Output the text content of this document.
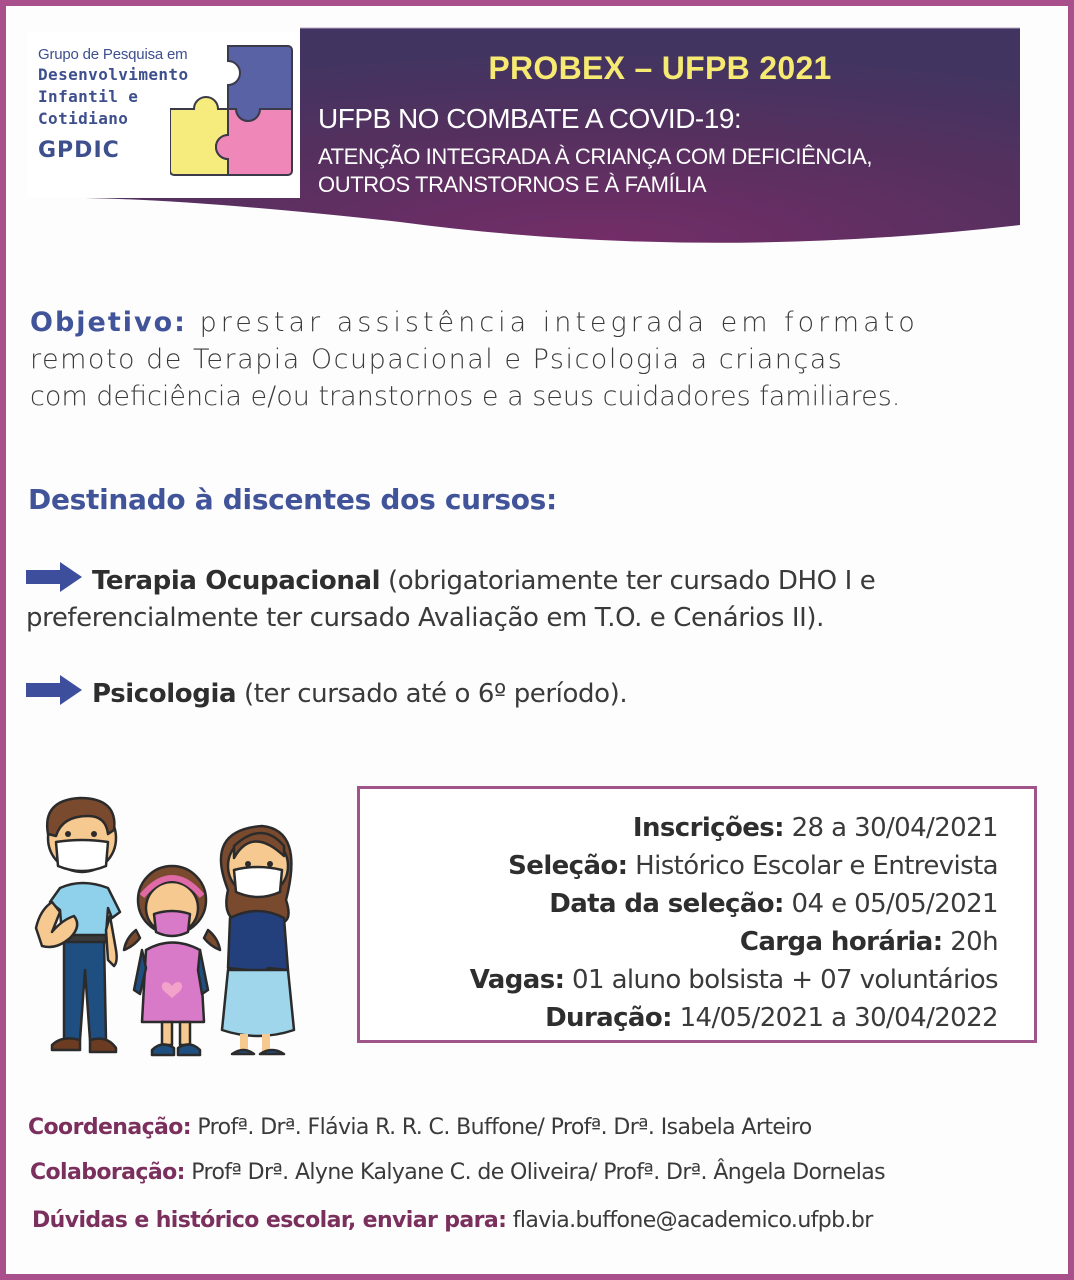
Grupo de Pesquisa em
Desenvolvimento
Infantil e
Cotidiano
GPDIC
PROBEX – UFPB 2021
UFPB NO COMBATE A COVID-19:
ATENÇÃO INTEGRADA À CRIANÇA COM DEFICIÊNCIA,
OUTROS TRANSTORNOS E À FAMÍLIA
Objetivo: prestar assistência integrada em formato
remoto de Terapia Ocupacional e Psicologia a crianças
com deficiência e/ou transtornos e a seus cuidadores familiares.
Destinado à discentes dos cursos:
Terapia Ocupacional (obrigatoriamente ter cursado DHO I e
preferencialmente ter cursado Avaliação em T.O. e Cenários II).
Psicologia (ter cursado até o 6º período).
Inscrições: 28 a 30/04/2021
Seleção: Histórico Escolar e Entrevista
Data da seleção: 04 e 05/05/2021
Carga horária: 20h
Vagas: 01 aluno bolsista + 07 voluntários
Duração: 14/05/2021 a 30/04/2022
Coordenação: Profª. Drª. Flávia R. R. C. Buffone/ Profª. Drª. Isabela Arteiro
Colaboração: Profª Drª. Alyne Kalyane C. de Oliveira/ Profª. Drª. Ângela Dornelas
Dúvidas e histórico escolar, enviar para: flavia.buffone@academico.ufpb.br
